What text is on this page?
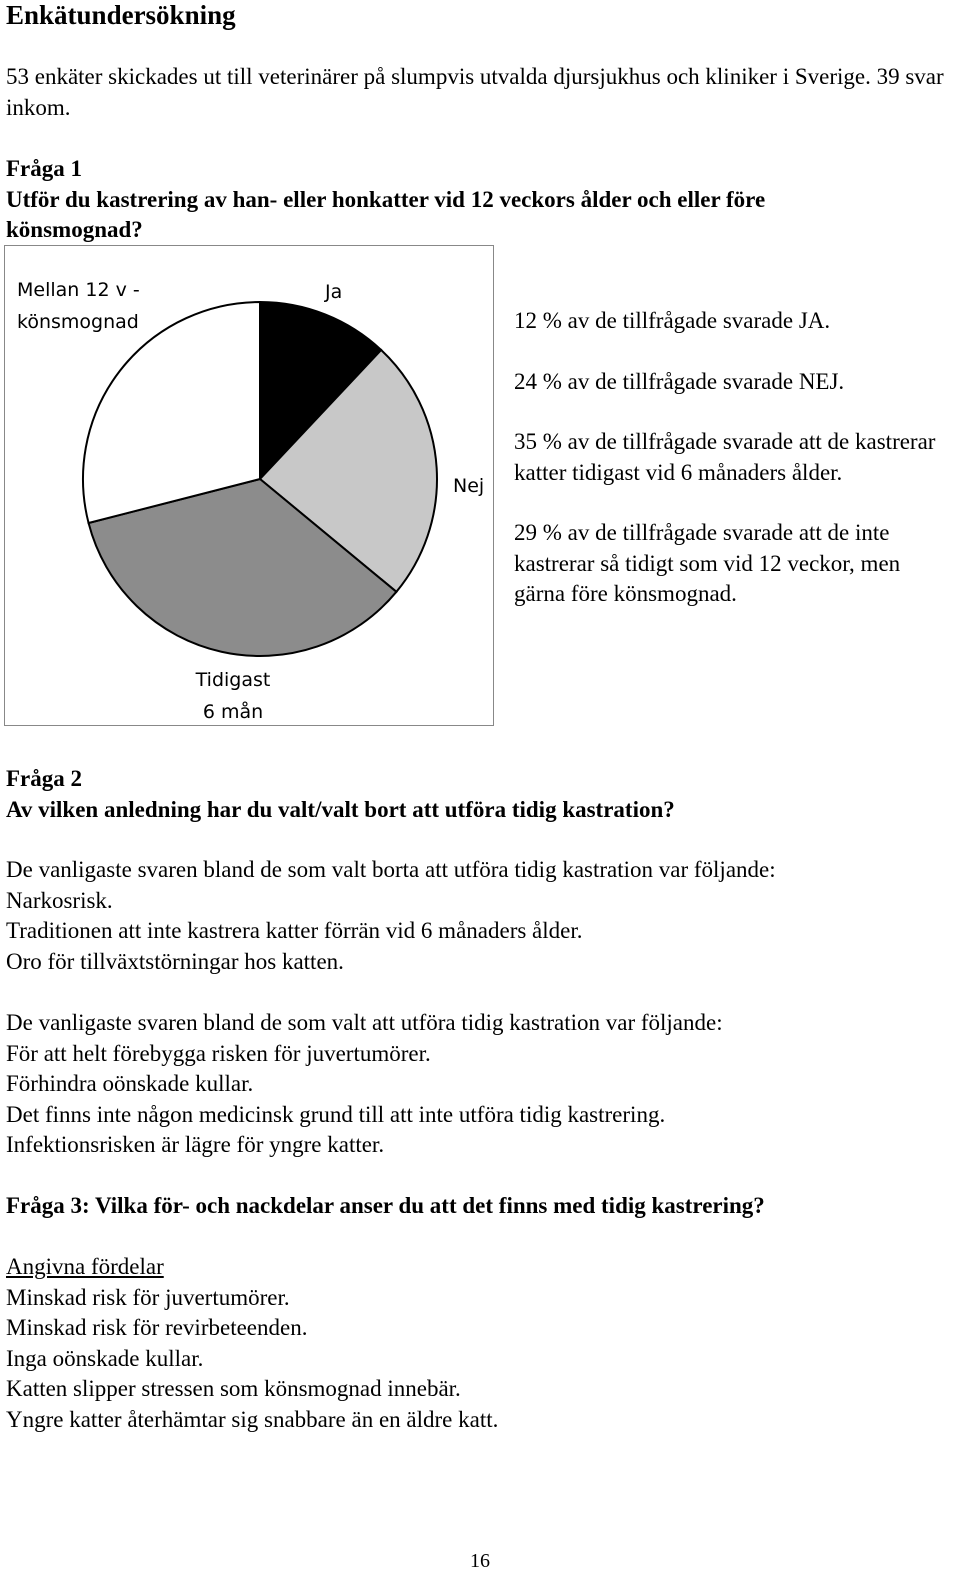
Enkätundersökning

53 enkäter skickades ut till veterinärer på slumpvis utvalda djursjukhus och kliniker i Sverige. 39 svar inkom.

Fråga 1

Utför du kastrering av han- eller honkatter vid 12 veckors ålder och eller före könsmognad?

Ja
Nej
Tidigast
6 mån
Mellan 12 v -
könsmognad	12 % av de tillfrågade svarade JA.

24 % av de tillfrågade svarade NEJ.

35 % av de tillfrågade svarade att de kastrerar katter tidigast vid 6 månaders ålder.

29 % av de tillfrågade svarade att de inte kastrerar så tidigt som vid 12 veckor, men gärna före könsmognad.

Fråga 2

Av vilken anledning har du valt/valt bort att utföra tidig kastration?

De vanligaste svaren bland de som valt borta att utföra tidig kastration var följande:

Narkosrisk.

Traditionen att inte kastrera katter förrän vid 6 månaders ålder.

Oro för tillväxtstörningar hos katten.

De vanligaste svaren bland de som valt att utföra tidig kastration var följande:

För att helt förebygga risken för juvertumörer.

Förhindra oönskade kullar.

Det finns inte någon medicinsk grund till att inte utföra tidig kastrering.

Infektionsrisken är lägre för yngre katter.

Fråga 3: Vilka för- och nackdelar anser du att det finns med tidig kastrering?

Angivna fördelar

Minskad risk för juvertumörer.

Minskad risk för revirbeteenden.

Inga oönskade kullar.

Katten slipper stressen som könsmognad innebär.

Yngre katter återhämtar sig snabbare än en äldre katt.

16
